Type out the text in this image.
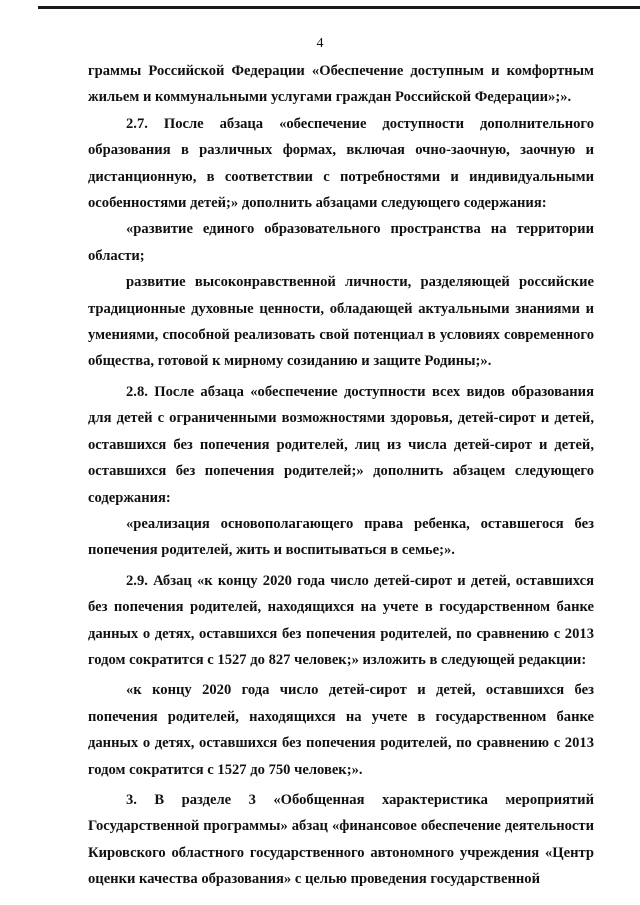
4

граммы Российской Федерации «Обеспечение доступным и комфортным жильем и коммунальными услугами граждан Российской Федерации»;».

2.7. После абзаца «обеспечение доступности дополнительного образования в различных формах, включая очно-заочную, заочную и дистанционную, в соответствии с потребностями и индивидуальными особенностями детей;» дополнить абзацами следующего содержания:

«развитие единого образовательного пространства на территории области;

развитие высоконравственной личности, разделяющей российские традиционные духовные ценности, обладающей актуальными знаниями и умениями, способной реализовать свой потенциал в условиях современного общества, готовой к мирному созиданию и защите Родины;».

2.8. После абзаца «обеспечение доступности всех видов образования для детей с ограниченными возможностями здоровья, детей-сирот и детей, оставшихся без попечения родителей, лиц из числа детей-сирот и детей, оставшихся без попечения родителей;» дополнить абзацем следующего содержания:

«реализация основополагающего права ребенка, оставшегося без попечения родителей, жить и воспитываться в семье;».

2.9. Абзац «к концу 2020 года число детей-сирот и детей, оставшихся без попечения родителей, находящихся на учете в государственном банке данных о детях, оставшихся без попечения родителей, по сравнению с 2013 годом сократится с 1527 до 827 человек;» изложить в следующей редакции:

«к концу 2020 года число детей-сирот и детей, оставшихся без попечения родителей, находящихся на учете в государственном банке данных о детях, оставшихся без попечения родителей, по сравнению с 2013 годом сократится с 1527 до 750 человек;».

3. В разделе 3 «Обобщенная характеристика мероприятий Государственной программы» абзац «финансовое обеспечение деятельности Кировского областного государственного автономного учреждения «Центр оценки качества образования» с целью проведения государственной
